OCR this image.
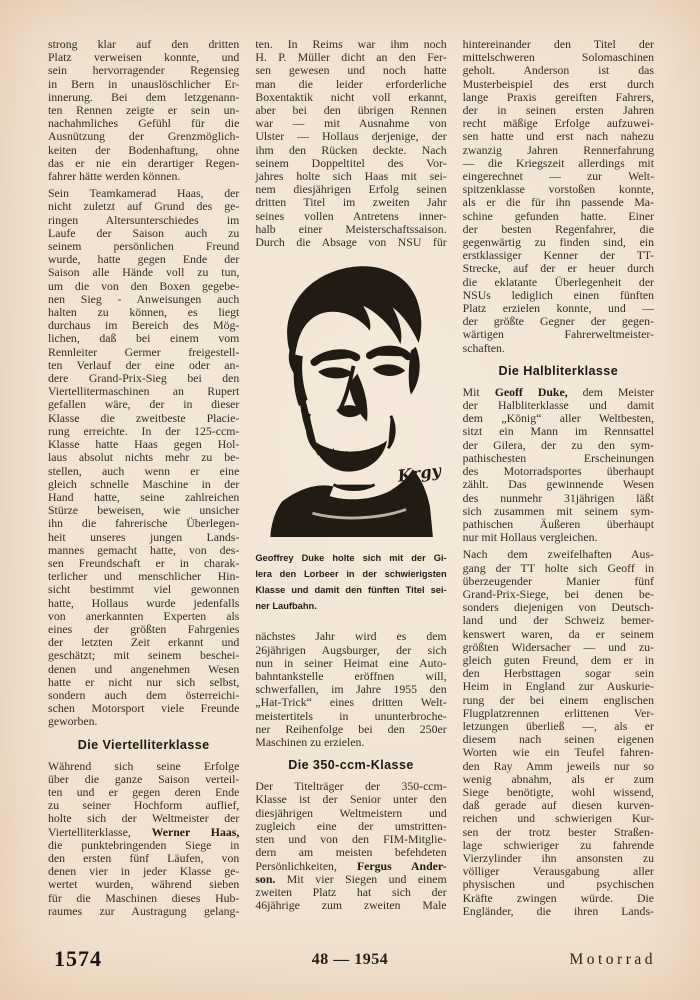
strong klar auf den dritten
Platz verweisen konnte, und
sein hervorragender Regensieg
in Bern in unauslöschlicher Er-
innerung. Bei dem letzgenann-
ten Rennen zeigte er sein un-
nachahmliches Gefühl für die
Ausnützung der Grenzmöglich-
keiten der Bodenhaftung, ohne
das er nie ein derartiger Regen-
fahrer hätte werden können.
Sein Teamkamerad Haas, der
nicht zuletzt auf Grund des ge-
ringen Altersunterschiedes im
Laufe der Saison auch zu
seinem persönlichen Freund
wurde, hatte gegen Ende der
Saison alle Hände voll zu tun,
um die von den Boxen gegebe-
nen Sieg - Anweisungen auch
halten zu können, es liegt
durchaus im Bereich des Mög-
lichen, daß bei einem vom
Rennleiter Germer freigestell-
ten Verlauf der eine oder an-
dere Grand-Prix-Sieg bei den
Viertellitermaschinen an Rupert
gefallen wäre, der in dieser
Klasse die zweitbeste Placie-
rung erreichte. In der 125-ccm-
Klasse hatte Haas gegen Hol-
laus absolut nichts mehr zu be-
stellen, auch wenn er eine
gleich schnelle Maschine in der
Hand hatte, seine zahlreichen
Stürze beweisen, wie unsicher
ihn die fahrerische Überlegen-
heit unseres jungen Lands-
mannes gemacht hatte, von des-
sen Freundschaft er in charak-
terlicher und menschlicher Hin-
sicht bestimmt viel gewonnen
hatte, Hollaus wurde jedenfalls
von anerkannten Experten als
eines der größten Fahrgenies
der letzten Zeit erkannt und
geschätzt; mit seinem beschei-
denen und angenehmen Wesen
hatte er nicht nur sich selbst,
sondern auch dem österreichi-
schen Motorsport viele Freunde
geworben.
Die Viertelliterklasse
Während sich seine Erfolge
über die ganze Saison verteil-
ten und er gegen deren Ende
zu seiner Hochform auflief,
holte sich der Weltmeister der
Viertelliterklasse, Werner Haas,
die punktebringenden Siege in
den ersten fünf Läufen, von
denen vier in jeder Klasse ge-
wertet wurden, während sieben
für die Maschinen dieses Hub-
raumes zur Austragung gelang-
ten. In Reims war ihm noch
H. P. Müller dicht an den Fer-
sen gewesen und noch hatte
man die leider erforderliche
Boxentaktik nicht voll erkannt,
aber bei den übrigen Rennen
war — mit Ausnahme von
Ulster — Hollaus derjenige, der
ihm den Rücken deckte. Nach
seinem Doppeltitel des Vor-
jahres holte sich Haas mit sei-
nem diesjährigen Erfolg seinen
dritten Titel im zweiten Jahr
seines vollen Antretens inner-
halb einer Meisterschaftssaison.
Durch die Absage von NSU für
Krgy
Geoffrey Duke holte sich mit der Gi-
lera den Lorbeer in der schwierigsten
Klasse und damit den fünften Titel sei-
ner Laufbahn.
nächstes Jahr wird es dem
26jährigen Augsburger, der sich
nun in seiner Heimat eine Auto-
bahntankstelle eröffnen will,
schwerfallen, im Jahre 1955 den
„Hat-Trick“ eines dritten Welt-
meistertitels in ununterbroche-
ner Reihenfolge bei den 250er
Maschinen zu erzielen.
Die 350-ccm-Klasse
Der Titelträger der 350-ccm-
Klasse ist der Senior unter den
diesjährigen Weltmeistern und
zugleich eine der umstritten-
sten und von den FIM-Mitglie-
dern am meisten befehdeten
Persönlichkeiten, Fergus Ander-
son. Mit vier Siegen und einem
zweiten Platz hat sich der
46jährige zum zweiten Male
hintereinander den Titel der
mittelschweren Solomaschinen
geholt. Anderson ist das
Musterbeispiel des erst durch
lange Praxis gereiften Fahrers,
der in seinen ersten Jahren
recht mäßige Erfolge aufzuwei-
sen hatte und erst nach nahezu
zwanzig Jahren Rennerfahrung
— die Kriegszeit allerdings mit
eingerechnet — zur Welt-
spitzenklasse vorstoßen konnte,
als er die für ihn passende Ma-
schine gefunden hatte. Einer
der besten Regenfahrer, die
gegenwärtig zu finden sind, ein
erstklassiger Kenner der TT-
Strecke, auf der er heuer durch
die eklatante Überlegenheit der
NSUs lediglich einen fünften
Platz erzielen konnte, und —
der größte Gegner der gegen-
wärtigen Fahrerweltmeister-
schaften.
Die Halbliterklasse
Mit Geoff Duke, dem Meister
der Halbliterklasse und damit
dem „König“ aller Weltbesten,
sitzt ein Mann im Rennsattel
der Gilera, der zu den sym-
pathischesten Erscheinungen
des Motorradsportes überhaupt
zählt. Das gewinnende Wesen
des nunmehr 31jährigen läßt
sich zusammen mit seinem sym-
pathischen Äußeren überhaupt
nur mit Hollaus vergleichen.
Nach dem zweifelhaften Aus-
gang der TT holte sich Geoff in
überzeugender Manier fünf
Grand-Prix-Siege, bei denen be-
sonders diejenigen von Deutsch-
land und der Schweiz bemer-
kenswert waren, da er seinem
größten Widersacher — und zu-
gleich guten Freund, dem er in
den Herbsttagen sogar sein
Heim in England zur Auskurie-
rung der bei einem englischen
Flugplatzrennen erlittenen Ver-
letzungen überließ —, als er
diesem nach seinen eigenen
Worten wie ein Teufel fahren-
den Ray Amm jeweils nur so
wenig abnahm, als er zum
Siege benötigte, wohl wissend,
daß gerade auf diesen kurven-
reichen und schwierigen Kur-
sen der trotz bester Straßen-
lage schwieriger zu fahrende
Vierzylinder ihn ansonsten zu
völliger Verausgabung aller
physischen und psychischen
Kräfte zwingen würde. Die
Engländer, die ihren Lands-
1574	48 — 1954	Motorrad
